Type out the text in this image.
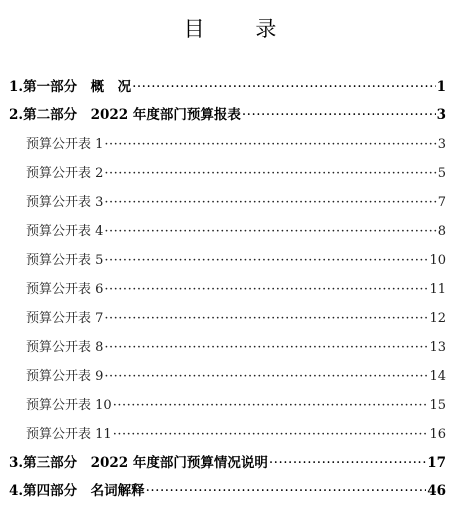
目 录
1.第一部分　概　况 ·····	1
2.第二部分　2022 年度部门预算报表 ·····	3
预算公开表 1 ·····	3
预算公开表 2 ·····	5
预算公开表 3 ·····	7
预算公开表 4 ·····	8
预算公开表 5 ·····	10
预算公开表 6 ·····	11
预算公开表 7 ·····	12
预算公开表 8 ·····	13
预算公开表 9 ·····	14
预算公开表 10 ·····	15
预算公开表 11 ·····	16
3.第三部分　2022 年度部门预算情况说明 ·····	17
4.第四部分　名词解释 ·····	46
